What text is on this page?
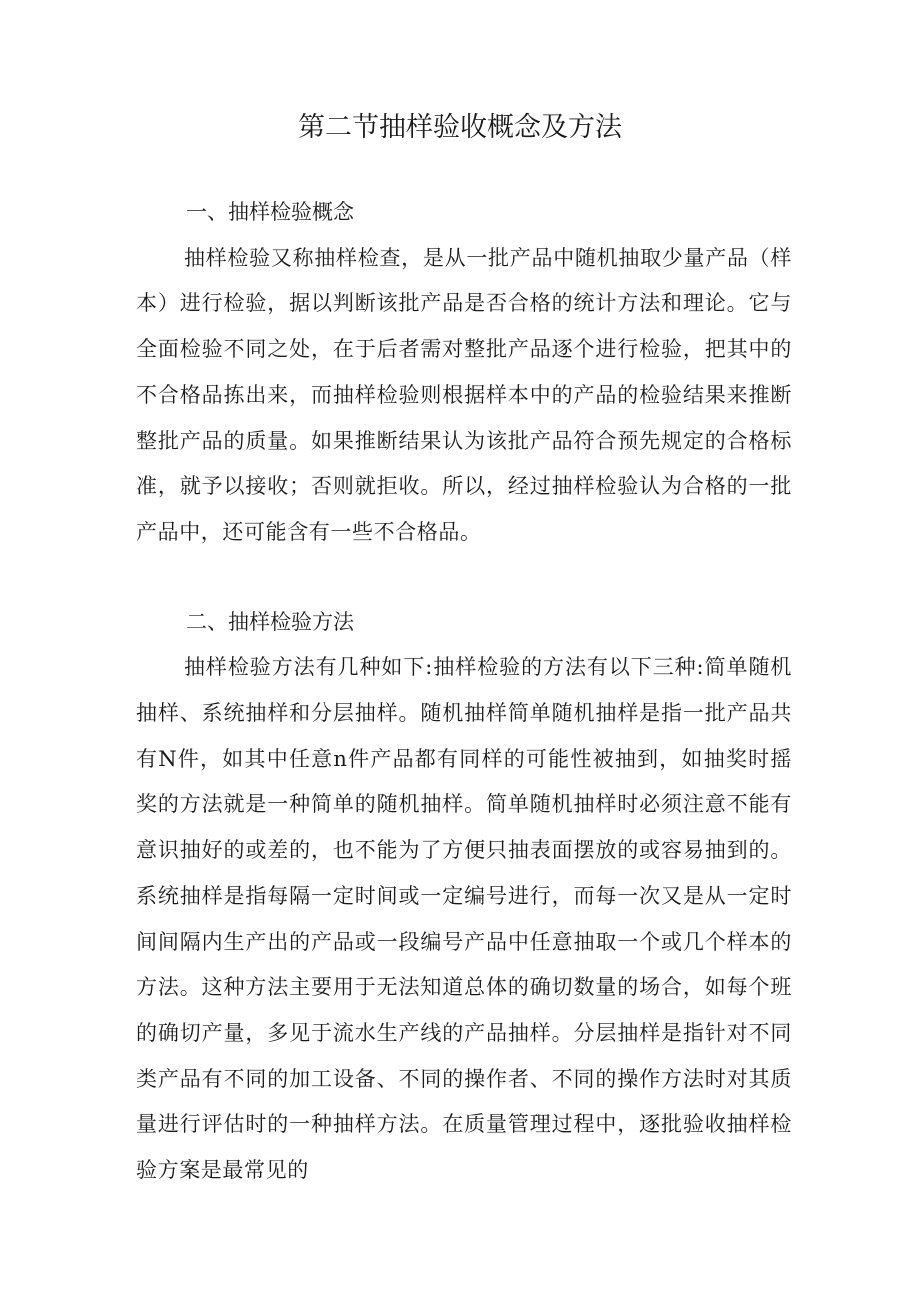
第二节抽样验收概念及方法

一、抽样检验概念

抽样检验又称抽样检查，是从一批产品中随机抽取少量产品（样本）进行检验，据以判断该批产品是否合格的统计方法和理论。它与全面检验不同之处，在于后者需对整批产品逐个进行检验，把其中的不合格品拣出来，而抽样检验则根据样本中的产品的检验结果来推断整批产品的质量。如果推断结果认为该批产品符合预先规定的合格标准，就予以接收；否则就拒收。所以，经过抽样检验认为合格的一批产品中，还可能含有一些不合格品。

二、抽样检验方法

抽样检验方法有几种如下:抽样检验的方法有以下三种:简单随机抽样、系统抽样和分层抽样。随机抽样简单随机抽样是指一批产品共有N件，如其中任意n件产品都有同样的可能性被抽到，如抽奖时摇奖的方法就是一种简单的随机抽样。简单随机抽样时必须注意不能有意识抽好的或差的，也不能为了方便只抽表面摆放的或容易抽到的。系统抽样是指每隔一定时间或一定编号进行，而每一次又是从一定时间间隔内生产出的产品或一段编号产品中任意抽取一个或几个样本的方法。这种方法主要用于无法知道总体的确切数量的场合，如每个班的确切产量，多见于流水生产线的产品抽样。分层抽样是指针对不同类产品有不同的加工设备、不同的操作者、不同的操作方法时对其质量进行评估时的一种抽样方法。在质量管理过程中，逐批验收抽样检验方案是最常见的
